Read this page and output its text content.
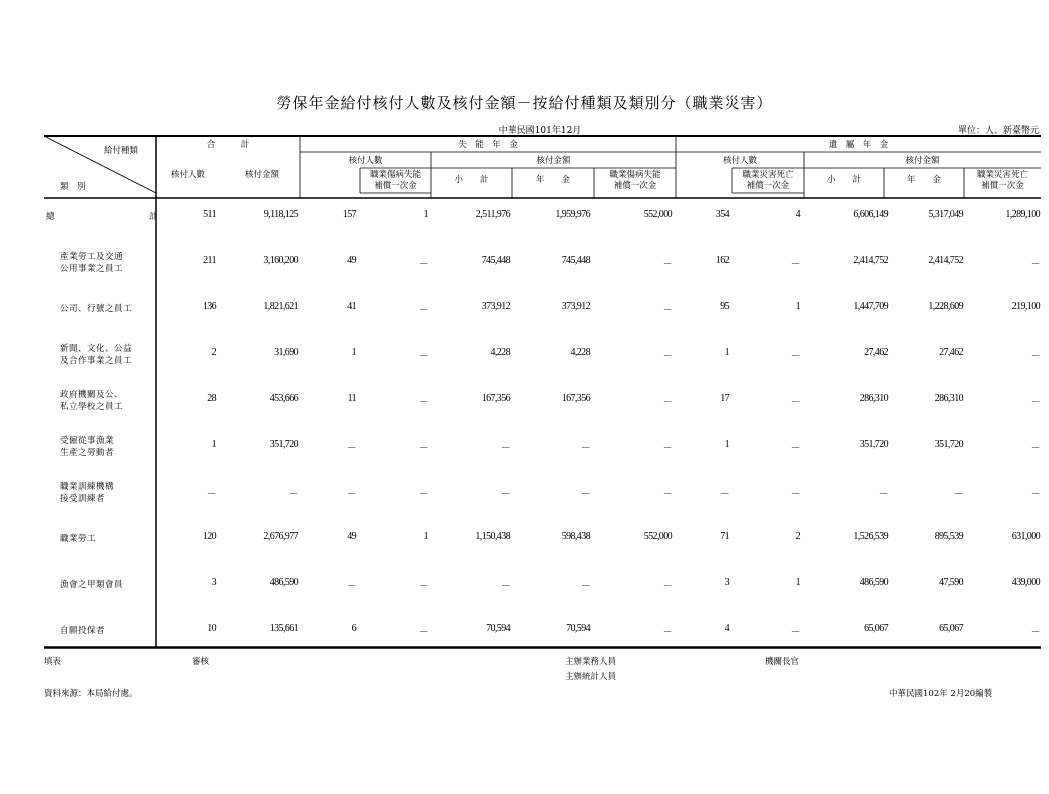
勞保年金給付核付人數及核付金額－按給付種類及類別分（職業災害）
中華民國101年12月	單位：人、新臺幣元
給付種類
類　別
合　　　計
核付人數	核付金額
失　能　年　金
核付人數	核付金額
職業傷病失能
補償一次金
小　　計	年　　金	職業傷病失能
補償一次金
遺　屬　年　金
核付人數	核付金額
職業災害死亡
補償一次金
小　　計	年　　金	職業災害死亡
補償一次金
總　　　　　　　計	511	9,118,125	157	1	2,511,976	1,959,976	552,000	354	4	6,606,149	5,317,049	1,289,100
產業勞工及交通
公用事業之員工
211	3,160,200	49	－	745,448	745,448	－	162	－	2,414,752	2,414,752	－
公司、行號之員工	136	1,821,621	41	－	373,912	373,912	－	95	1	1,447,709	1,228,609	219,100
新聞、文化、公益
及合作事業之員工
2	31,690	1	－	4,228	4,228	－	1	－	27,462	27,462	－
政府機關及公、
私立學校之員工
28	453,666	11	－	167,356	167,356	－	17	－	286,310	286,310	－
受僱從事漁業
生產之勞動者
1	351,720	－	－	－	－	－	1	－	351,720	351,720	－
職業訓練機構
接受訓練者	－	－	－	－	－	－	－	－	－	－	－	－
職業勞工	120	2,676,977	49	1	1,150,438	598,438	552,000	71	2	1,526,539	895,539	631,000
漁會之甲類會員	3	486,590	－	－	－	－	－	3	1	486,590	47,590	439,000
自願投保者	10	135,661	6	－	70,594	70,594	－	4	－	65,067	65,067	－
填表	審核	主辦業務人員
主辦統計人員
機關長官
資料來源：本局給付處。	中華民國102年 2月20編製
